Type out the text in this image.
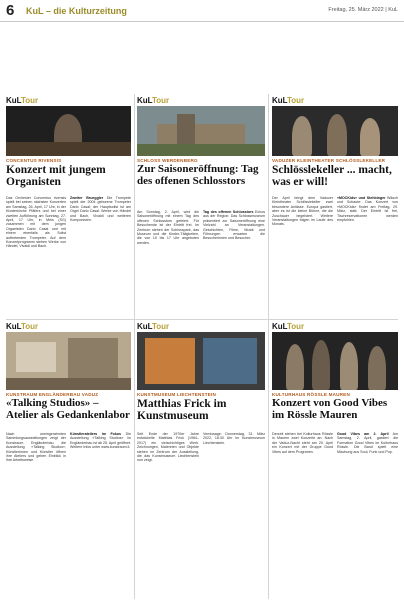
6 KuL – die Kulturzeitung	Freitag, 25. März 2022 | KuL
KuLTour	KuLTour	KuLTour
CONCENTUS RIVENSIS
Konzert mit jungem Organisten
SCHLOSS WERDENBERG
Zur Saisoneröffnung: Tag des offenen Schlosstors
VADUZER KLEINTHEATER SCHLÖSSLEKELLER
Schlösslekeller ... macht, was er will!
Das Orchester Concentus rivensis spielt bei seinen nächsten Konzerten am Samstag, 26. April, 17 Uhr, in der Klosterkirche Pfäfers und bei einer zweiten Aufführung am Sonntag, 27. April, 17 Uhr, in Mels (SG) zusammen mit dem jungen Organisten Dario Casal und mit einem ebenfalls als Solist auftretenden Trompeter. Auf dem Konzertprogramm stehen Werke von Händel, Vivaldi und Bach.
Zweiter Brueggler Die Trompete spielt der 2004 geborene Trompeter Dario Casal; der Hauptsolist ist am Orgel Dario Casal. Werke von Händel und Bach, Vivaldi und weiteren Komponisten.
Am Sonntag, 2. April, wird die Saisoneröffnung mit einem Tag des offenen Schlosstors gefeiert. Für Besuchende ist der Eintritt frei. Im Zentrum stehen der Schlosspark, das Museum und die Kinder-Tätigkeiten, die von 10 bis 17 Uhr angeboten werden.
Tag des offenen Schlosstors Echos aus der Region: Das Schlossmuseum präsentiert zur Saisoneröffnung eine Vielzahl an Veranstaltungen. Geschichten, Filme, Musik und Führungen erwarten die Besucherinnen und Besucher.
Der April bringt dem Vaduzer Kleintheater Schlösslekeller zwei besondere Anlässe. Europa gastiert, aber es ist die kleine Bühne, die die Zuschauer begeistert. Weitere Veranstaltungen folgen im Laufe des Monats.
«MOCKids» und Stehbinger Wäsch und Schaute: Das Konzert von «MOCKids» findet am Freitag, 29. März, statt. Der Eintritt ist frei, Tischreservationen werden empfohlen.
KuLTour	KuLTour	KuLTour
KUNSTRAUM ENGLÄNDERBAU VADUZ
«Talking Studios» – Atelier als Gedankenlabor
KUNSTMUSEUM LIECHTENSTEIN
Matthias Frick im Kunstmuseum
KULTURHAUS RÖSSLE MAUREN
Konzert von Good Vibes im Rössle Mauren
Nach uneingerahmten Sammlungsausstellungen zeigt der Kunstraum Engländerbau die Ausstellung «Talking Studios». Künstlerinnen und Künstler öffnen ihre Ateliers und geben Einblick in ihre Arbeitsweise.
Künstlerateliers im Fokus Die Ausstellung «Talking Studios» im Engländerbau ist ab 25. April geöffnet. Weitere Infos unter www.kunstraum.li.
Seit Ende der 1970er Jahre entwickelte Matthias Frick (1984–2017) ein vielschichtiges Werk. Zeichnungen, Malereien und Objekte stehen im Zentrum der Ausstellung, die das Kunstmuseum Liechtenstein nun zeigt.
Vernissage: Donnerstag, 31. März 2022, 18:30 Uhr im Kunstmuseum Liechtenstein.
Derzeit stehen bei Kulturhaus Rössle in Mauren zwei Konzerte an: Nach der Vaduz-Nacht steht am 20. April ein Konzert mit der Gruppe Good Vibes auf dem Programm.
Good Vibes am 2. April Am Samstag, 2. April, gastiert die Formation Good Vibes im Kulturhaus Rössle. Die Band spielt eine Mischung aus Soul, Funk und Pop.
